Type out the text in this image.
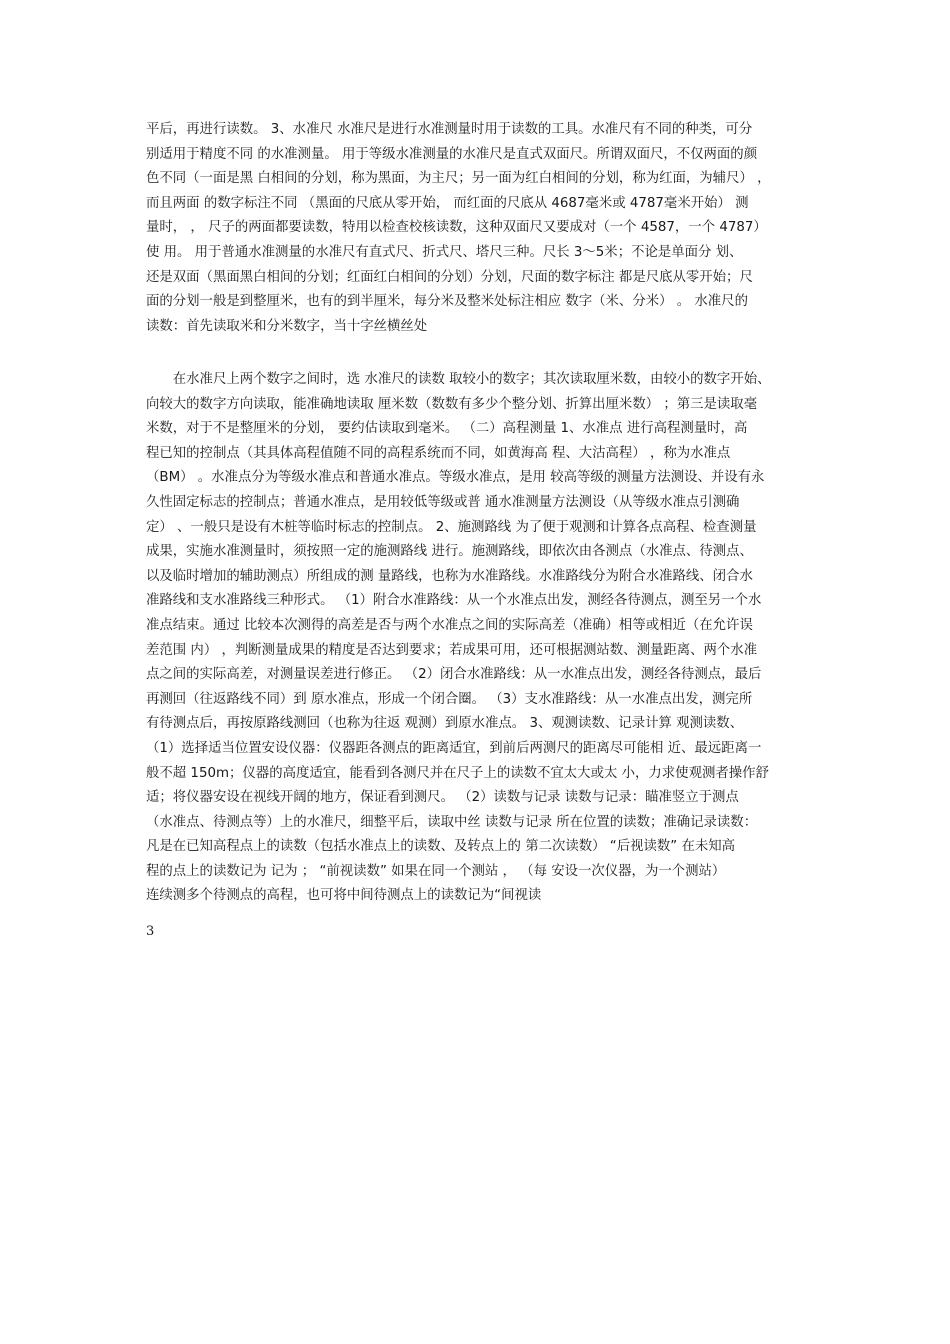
平后，再进行读数。 3、水准尺 水准尺是进行水准测量时用于读数的工具。水准尺有不同的种类，可分
别适用于精度不同 的水准测量。 用于等级水准测量的水准尺是直式双面尺。所谓双面尺，不仅两面的颜
色不同（一面是黑 白相间的分划，称为黑面，为主尺；另一面为红白相间的分划，称为红面，为辅尺） ，
而且两面 的数字标注不同 （黑面的尺底从零开始， 而红面的尺底从 4687毫米或 4787毫米开始） 测
量时， ， 尺子的两面都要读数，特用以检查校核读数，这种双面尺又要成对（一个 4587，一个 4787）
使 用。 用于普通水准测量的水准尺有直式尺、折式尺、塔尺三种。尺长 3～5米；不论是单面分 划、
还是双面（黑面黑白相间的分划；红面红白相间的分划）分划，尺面的数字标注 都是尺底从零开始；尺
面的分划一般是到整厘米，也有的到半厘米，每分米及整米处标注相应 数字（米、分米） 。 水准尺的
读数：首先读取米和分米数字，当十字丝横丝处
　　在水准尺上两个数字之间时，选 水准尺的读数 取较小的数字；其次读取厘米数，由较小的数字开始、
向较大的数字方向读取，能准确地读取 厘米数（数数有多少个整分划、折算出厘米数） ；第三是读取毫
米数，对于不是整厘米的分划， 要约估读取到毫米。 （二）高程测量 1、水准点 进行高程测量时，高
程已知的控制点（其具体高程值随不同的高程系统而不同，如黄海高 程、大沽高程） ，称为水准点
（BM） 。水准点分为等级水准点和普通水准点。等级水准点，是用 较高等级的测量方法测设、并设有永
久性固定标志的控制点；普通水准点，是用较低等级或普 通水准测量方法测设（从等级水准点引测确
定） 、一般只是设有木桩等临时标志的控制点。 2、施测路线 为了便于观测和计算各点高程、检查测量
成果，实施水准测量时，须按照一定的施测路线 进行。施测路线，即依次由各测点（水准点、待测点、
以及临时增加的辅助测点）所组成的测 量路线，也称为水准路线。水准路线分为附合水准路线、闭合水
准路线和支水准路线三种形式。 （1）附合水准路线：从一个水准点出发，测经各待测点，测至另一个水
准点结束。通过 比较本次测得的高差是否与两个水准点之间的实际高差（准确）相等或相近（在允许误
差范围 内） ，判断测量成果的精度是否达到要求；若成果可用，还可根据测站数、测量距离、两个水准
点之间的实际高差，对测量误差进行修正。 （2）闭合水准路线：从一水准点出发，测经各待测点，最后
再测回（往返路线不同）到 原水准点，形成一个闭合圈。 （3）支水准路线：从一水准点出发，测完所
有待测点后，再按原路线测回（也称为往返 观测）到原水准点。 3、观测读数、记录计算 观测读数、
（1）选择适当位置安设仪器：仪器距各测点的距离适宜，到前后两测尺的距离尽可能相 近、最远距离一
般不超 150m；仪器的高度适宜，能看到各测尺并在尺子上的读数不宜太大或太 小，力求使观测者操作舒
适；将仪器安设在视线开阔的地方，保证看到测尺。 （2）读数与记录 读数与记录：瞄准竖立于测点
（水准点、待测点等）上的水准尺，细整平后，读取中丝 读数与记录 所在位置的读数；准确记录读数：
凡是在已知高程点上的读数（包括水准点上的读数、及转点上的 第二次读数） “后视读数” 在未知高
程的点上的读数记为 记为 ； “前视读数” 如果在同一个测站 ， （每 安设一次仪器，为一个测站）
连续测多个待测点的高程，也可将中间待测点上的读数记为“间视读
3
